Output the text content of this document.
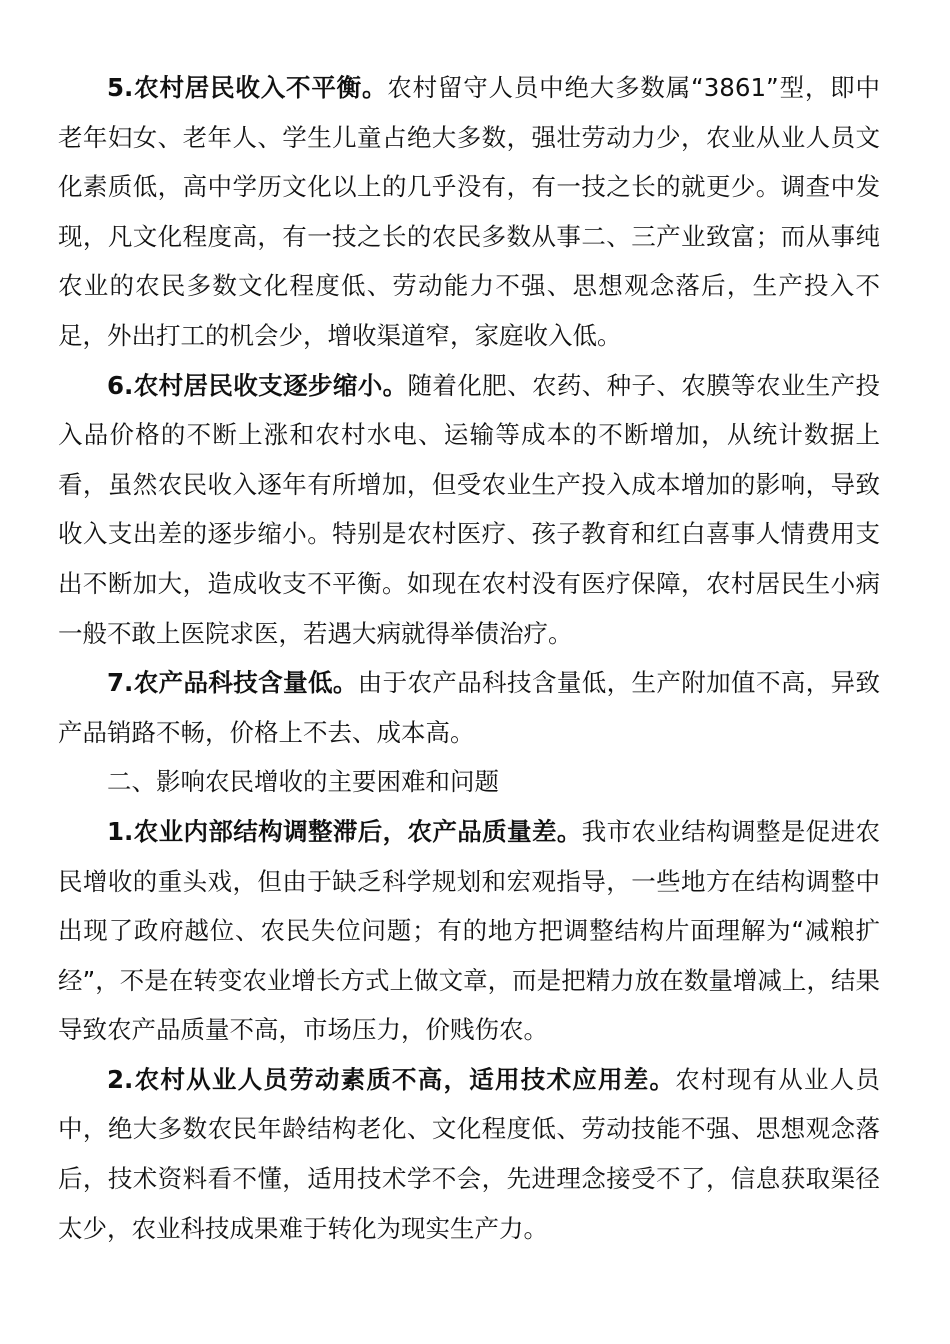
5.农村居民收入不平衡。农村留守人员中绝大多数属“3861”型，即中老年妇女、老年人、学生儿童占绝大多数，强壮劳动力少，农业从业人员文化素质低，高中学历文化以上的几乎没有，有一技之长的就更少。调查中发现，凡文化程度高，有一技之长的农民多数从事二、三产业致富；而从事纯农业的农民多数文化程度低、劳动能力不强、思想观念落后，生产投入不足，外出打工的机会少，增收渠道窄，家庭收入低。

6.农村居民收支逐步缩小。随着化肥、农药、种子、农膜等农业生产投入品价格的不断上涨和农村水电、运输等成本的不断增加，从统计数据上看，虽然农民收入逐年有所增加，但受农业生产投入成本增加的影响，导致收入支出差的逐步缩小。特别是农村医疗、孩子教育和红白喜事人情费用支出不断加大，造成收支不平衡。如现在农村没有医疗保障，农村居民生小病一般不敢上医院求医，若遇大病就得举债治疗。

7.农产品科技含量低。由于农产品科技含量低，生产附加值不高，异致产品销路不畅，价格上不去、成本高。

二、影响农民增收的主要困难和问题

1.农业内部结构调整滞后，农产品质量差。我市农业结构调整是促进农民增收的重头戏，但由于缺乏科学规划和宏观指导，一些地方在结构调整中出现了政府越位、农民失位问题；有的地方把调整结构片面理解为“减粮扩经”，不是在转变农业增长方式上做文章，而是把精力放在数量增减上，结果导致农产品质量不高，市场压力，价贱伤农。

2.农村从业人员劳动素质不高，适用技术应用差。农村现有从业人员中，绝大多数农民年龄结构老化、文化程度低、劳动技能不强、思想观念落后，技术资料看不懂，适用技术学不会，先进理念接受不了，信息获取渠径太少，农业科技成果难于转化为现实生产力。
